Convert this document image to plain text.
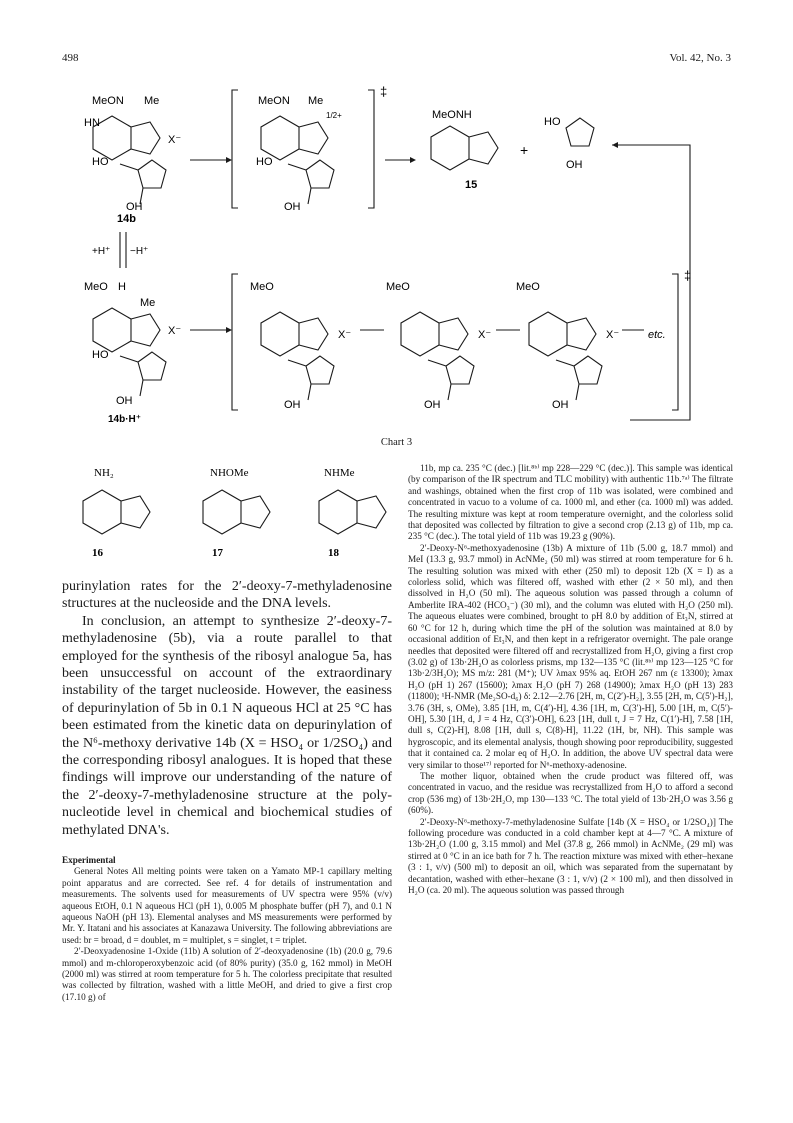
498	Vol. 42, No. 3
MeON Me
HN
X⁻
HO
OH
14b
MeON Me
1/2+
HO
OH
‡
MeONH
15
+
HO
OH
+H⁺ −H⁺
MeO H
Me
X⁻
HO
OH
14b·H⁺
‡
MeO	MeO	MeO
X⁻	X⁻	X⁻
OH	OH	OH
etc.
Chart 3
NH₂	NHOMe	NHMe
16	17	18

purinylation rates for the 2′-deoxy-7-methyladenosine structures at the nucleoside and the DNA levels.

In conclusion, an attempt to synthesize 2′-deoxy-7-methyladenosine (5b), via a route parallel to that employed for the synthesis of the ribosyl analogue 5a, has been unsuccessful on account of the extraordinary instability of the target nucleoside. However, the easiness of depurinylation of 5b in 0.1 N aqueous HCl at 25 °C has been estimated from the kinetic data on depurinylation of the N⁶-methoxy derivative 14b (X = HSO₄ or 1/2SO₄) and the corresponding ribosyl analogues. It is hoped that these findings will improve our understanding of the nature of the 2′-deoxy-7-methyladenosine structure at the poly-nucleotide level in chemical and biochemical studies of methylated DNA's.

Experimental

General Notes All melting points were taken on a Yamato MP-1 capillary melting point apparatus and are corrected. See ref. 4 for details of instrumentation and measurements. The solvents used for measurements of UV spectra were 95% (v/v) aqueous EtOH, 0.1 N aqueous HCl (pH 1), 0.005 M phosphate buffer (pH 7), and 0.1 N aqueous NaOH (pH 13). Elemental analyses and MS measurements were performed by Mr. Y. Itatani and his associates at Kanazawa University. The following abbreviations are used: br = broad, d = doublet, m = multiplet, s = singlet, t = triplet.

2′-Deoxyadenosine 1-Oxide (11b) A solution of 2′-deoxyadenosine (1b) (20.0 g, 79.6 mmol) and m-chloroperoxybenzoic acid (of 80% purity) (35.0 g, 162 mmol) in MeOH (2000 ml) was stirred at room temperature for 5 h. The colorless precipitate that resulted was collected by filtration, washed with a little MeOH, and dried to give a first crop (17.10 g) of

11b, mp ca. 235 °C (dec.) [lit.⁸ᵇ⁾ mp 228—229 °C (dec.)]. This sample was identical (by comparison of the IR spectrum and TLC mobility) with authentic 11b.⁷ᵃ⁾ The filtrate and washings, obtained when the first crop of 11b was isolated, were combined and concentrated in vacuo to a volume of ca. 1000 ml, and ether (ca. 1000 ml) was added. The resulting mixture was kept at room temperature overnight, and the colorless solid that deposited was collected by filtration to give a second crop (2.13 g) of 11b, mp ca. 235 °C (dec.). The total yield of 11b was 19.23 g (90%).

2′-Deoxy-N⁶-methoxyadenosine (13b) A mixture of 11b (5.00 g, 18.7 mmol) and MeI (13.3 g, 93.7 mmol) in AcNMe₂ (50 ml) was stirred at room temperature for 6 h. The resulting solution was mixed with ether (250 ml) to deposit 12b (X = I) as a colorless solid, which was filtered off, washed with ether (2 × 50 ml), and then dissolved in H₂O (50 ml). The aqueous solution was passed through a column of Amberlite IRA-402 (HCO₃⁻) (30 ml), and the column was eluted with H₂O (250 ml). The aqueous eluates were combined, brought to pH 8.0 by addition of Et₃N, stirred at 60 °C for 12 h, during which time the pH of the solution was maintained at 8.0 by occasional addition of Et₃N, and then kept in a refrigerator overnight. The pale orange needles that deposited were filtered off and recrystallized from H₂O, giving a first crop (3.02 g) of 13b·2H₂O as colorless prisms, mp 132—135 °C (lit.⁸ᵇ⁾ mp 123—125 °C for 13b·2/3H₂O); MS m/z: 281 (M⁺); UV λmax 95% aq. EtOH 267 nm (ε 13300); λmax H₂O (pH 1) 267 (15600); λmax H₂O (pH 7) 268 (14900); λmax H₂O (pH 13) 283 (11800); ¹H-NMR (Me₂SO-d₆) δ: 2.12—2.76 [2H, m, C(2′)-H₂], 3.55 [2H, m, C(5′)-H₂], 3.76 (3H, s, OMe), 3.85 [1H, m, C(4′)-H], 4.36 [1H, m, C(3′)-H], 5.00 [1H, m, C(5′)-OH], 5.30 [1H, d, J = 4 Hz, C(3′)-OH], 6.23 [1H, dull t, J = 7 Hz, C(1′)-H], 7.58 [1H, dull s, C(2)-H], 8.08 [1H, dull s, C(8)-H], 11.22 (1H, br, NH). This sample was hygroscopic, and its elemental analysis, though showing poor reproducibility, suggested that it contained ca. 2 molar eq of H₂O. In addition, the above UV spectral data were very similar to those¹⁷⁾ reported for N⁶-methoxy-adenosine.

The mother liquor, obtained when the crude product was filtered off, was concentrated in vacuo, and the residue was recrystallized from H₂O to afford a second crop (536 mg) of 13b·2H₂O, mp 130—133 °C. The total yield of 13b·2H₂O was 3.56 g (60%).

2′-Deoxy-N⁶-methoxy-7-methyladenosine Sulfate [14b (X = HSO₄ or 1/2SO₄)] The following procedure was conducted in a cold chamber kept at 4—7 °C. A mixture of 13b·2H₂O (1.00 g, 3.15 mmol) and MeI (37.8 g, 266 mmol) in AcNMe₂ (29 ml) was stirred at 0 °C in an ice bath for 7 h. The reaction mixture was mixed with ether–hexane (3 : 1, v/v) (500 ml) to deposit an oil, which was separated from the supernatant by decantation, washed with ether–hexane (3 : 1, v/v) (2 × 100 ml), and then dissolved in H₂O (ca. 20 ml). The aqueous solution was passed through
